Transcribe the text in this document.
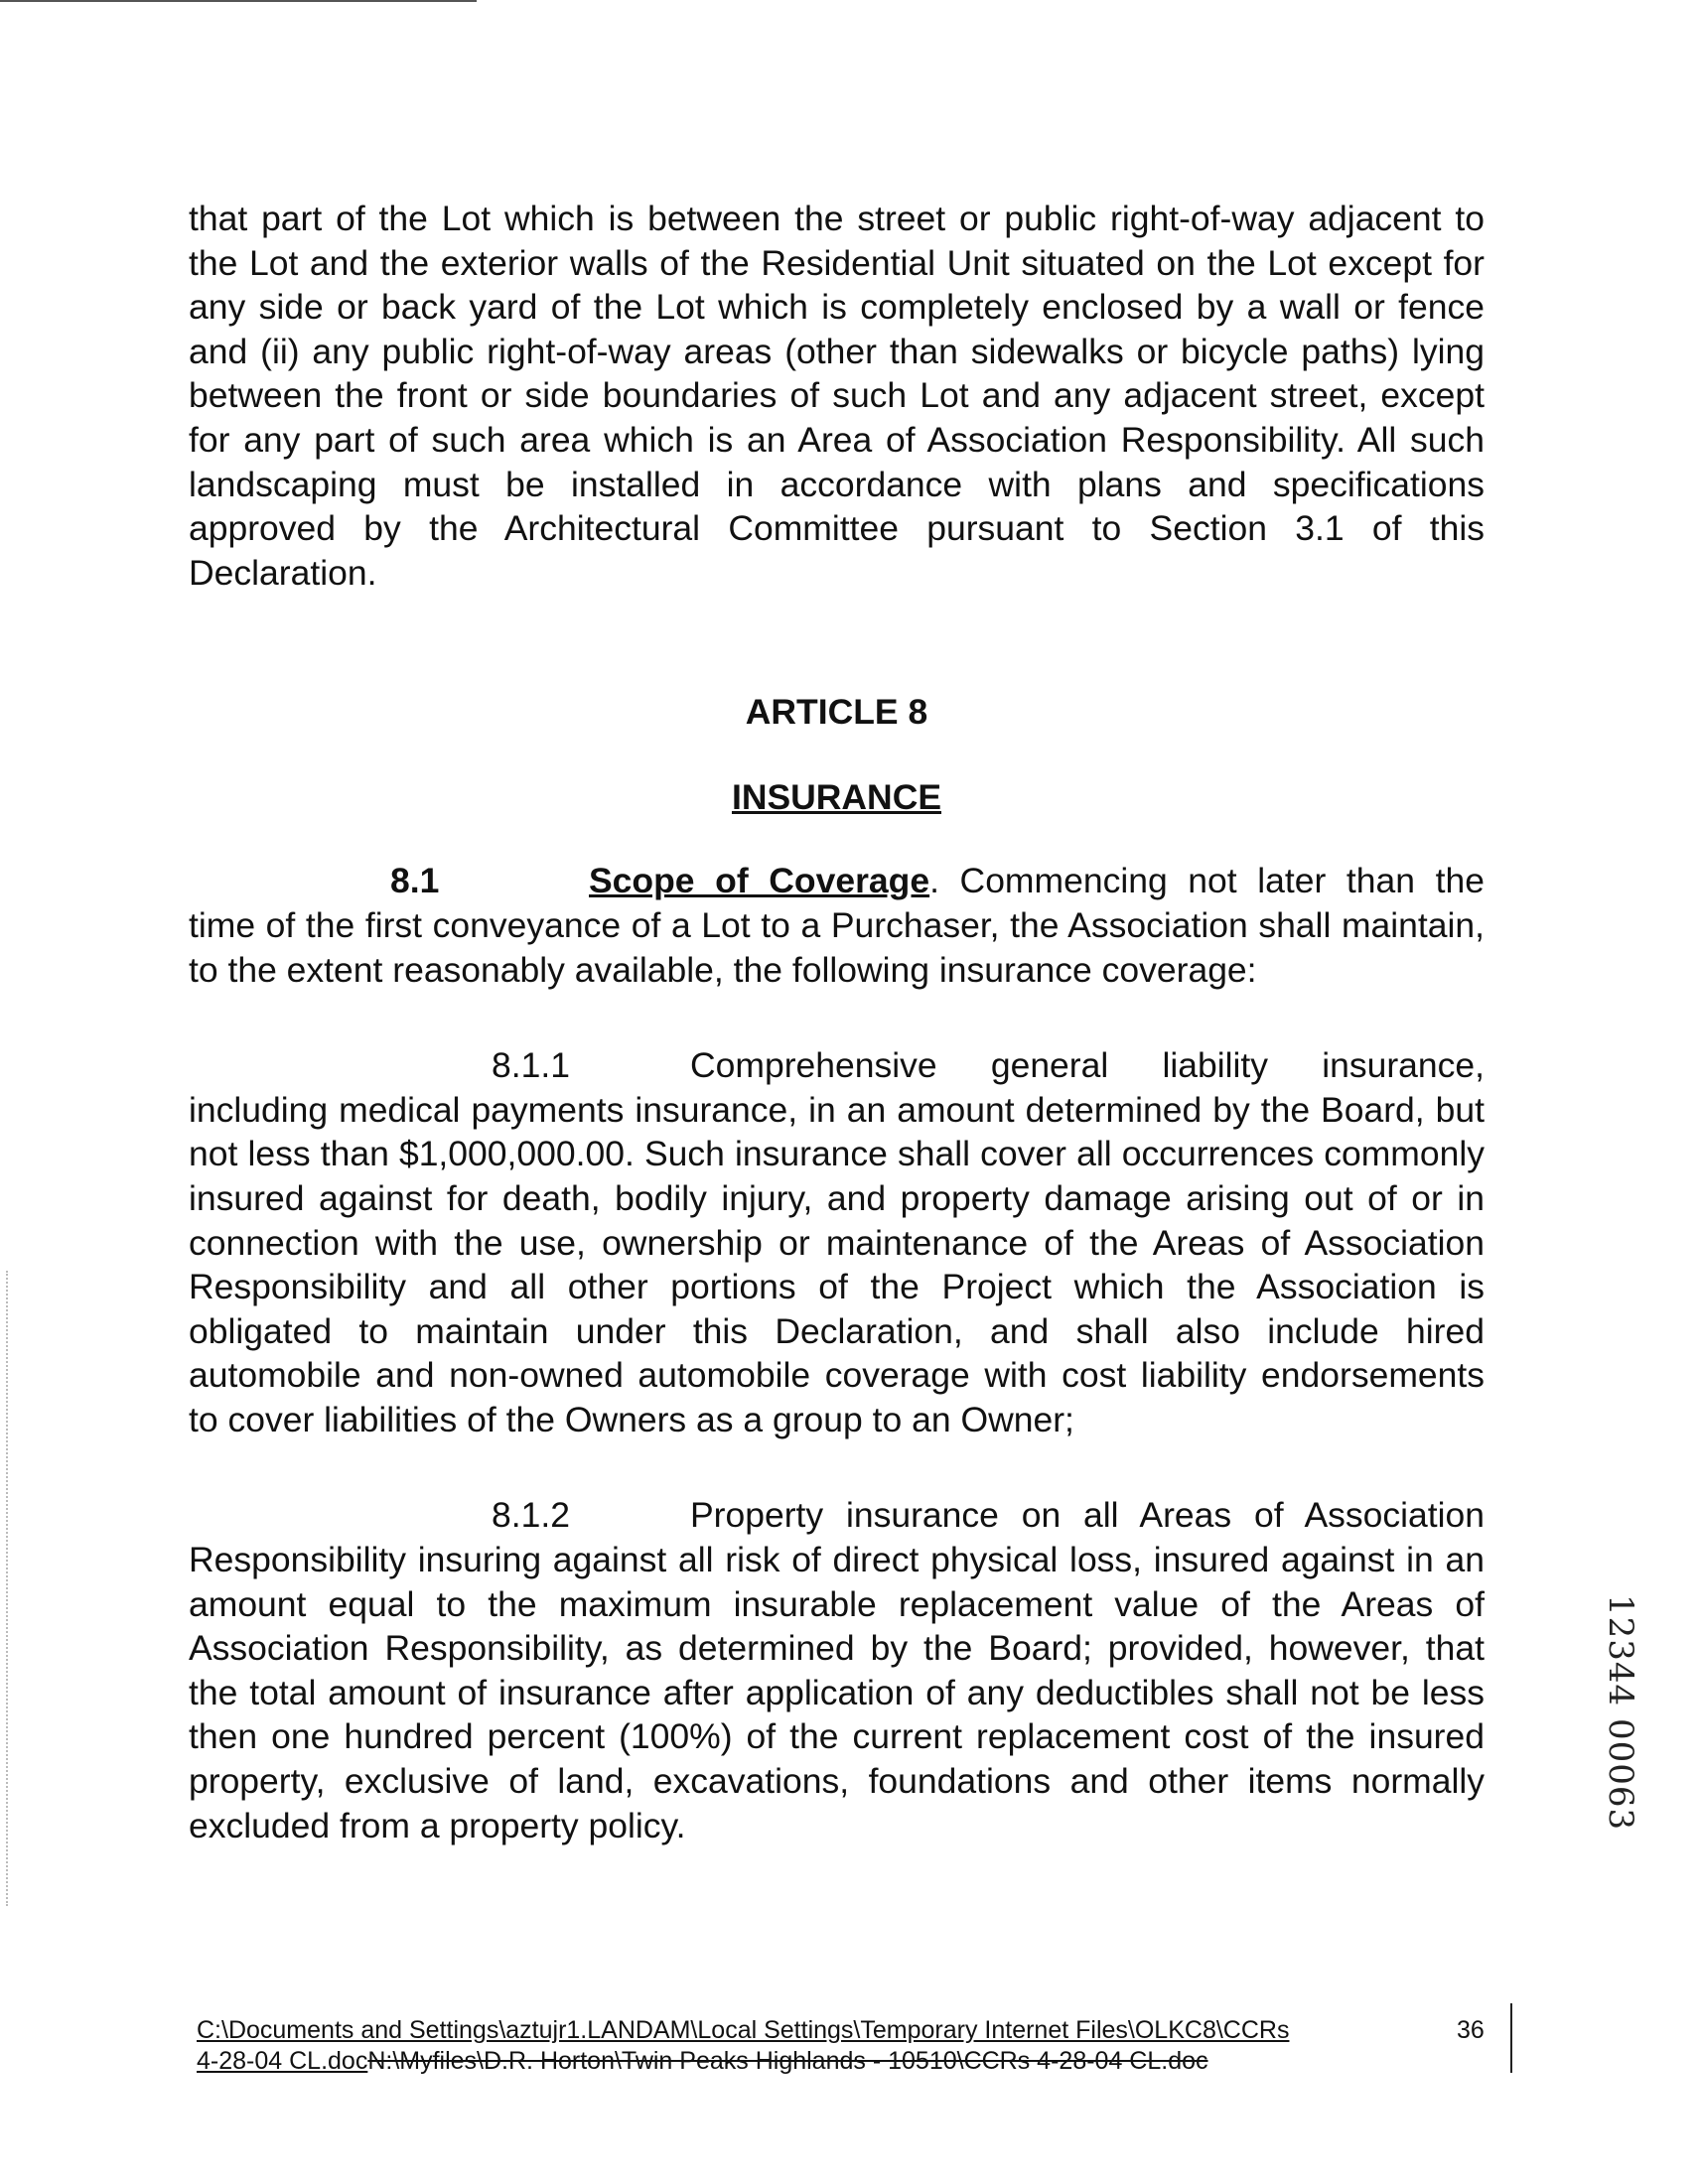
that part of the Lot which is between the street or public right-of-way adjacent to the Lot and the exterior walls of the Residential Unit situated on the Lot except for any side or back yard of the Lot which is completely enclosed by a wall or fence and (ii) any public right-of-way areas (other than sidewalks or bicycle paths) lying between the front or side boundaries of such Lot and any adjacent street, except for any part of such area which is an Area of Association Responsibility. All such landscaping must be installed in accordance with plans and specifications approved by the Architectural Committee pursuant to Section 3.1 of this Declaration.

ARTICLE 8
INSURANCE

8.1	Scope of Coverage. Commencing not later than the time of the first conveyance of a Lot to a Purchaser, the Association shall maintain, to the extent reasonably available, the following insurance coverage:

8.1.1	Comprehensive general liability insurance, including medical payments insurance, in an amount determined by the Board, but not less than $1,000,000.00. Such insurance shall cover all occurrences commonly insured against for death, bodily injury, and property damage arising out of or in connection with the use, ownership or maintenance of the Areas of Association Responsibility and all other portions of the Project which the Association is obligated to maintain under this Declaration, and shall also include hired automobile and non-owned automobile coverage with cost liability endorsements to cover liabilities of the Owners as a group to an Owner;

8.1.2	Property insurance on all Areas of Association Responsibility insuring against all risk of direct physical loss, insured against in an amount equal to the maximum insurable replacement value of the Areas of Association Responsibility, as determined by the Board; provided, however, that the total amount of insurance after application of any deductibles shall not be less then one hundred percent (100%) of the current replacement cost of the insured property, exclusive of land, excavations, foundations and other items normally excluded from a property policy.	12344 00063
C:\Documents and Settings\aztujr1.LANDAM\Local Settings\Temporary Internet Files\OLKC8\CCRs
4-28-04 CL.docN:\Myfiles\D.R. Horton\Twin Peaks Highlands - 10510\CCRs 4-28-04 CL.doc
36
